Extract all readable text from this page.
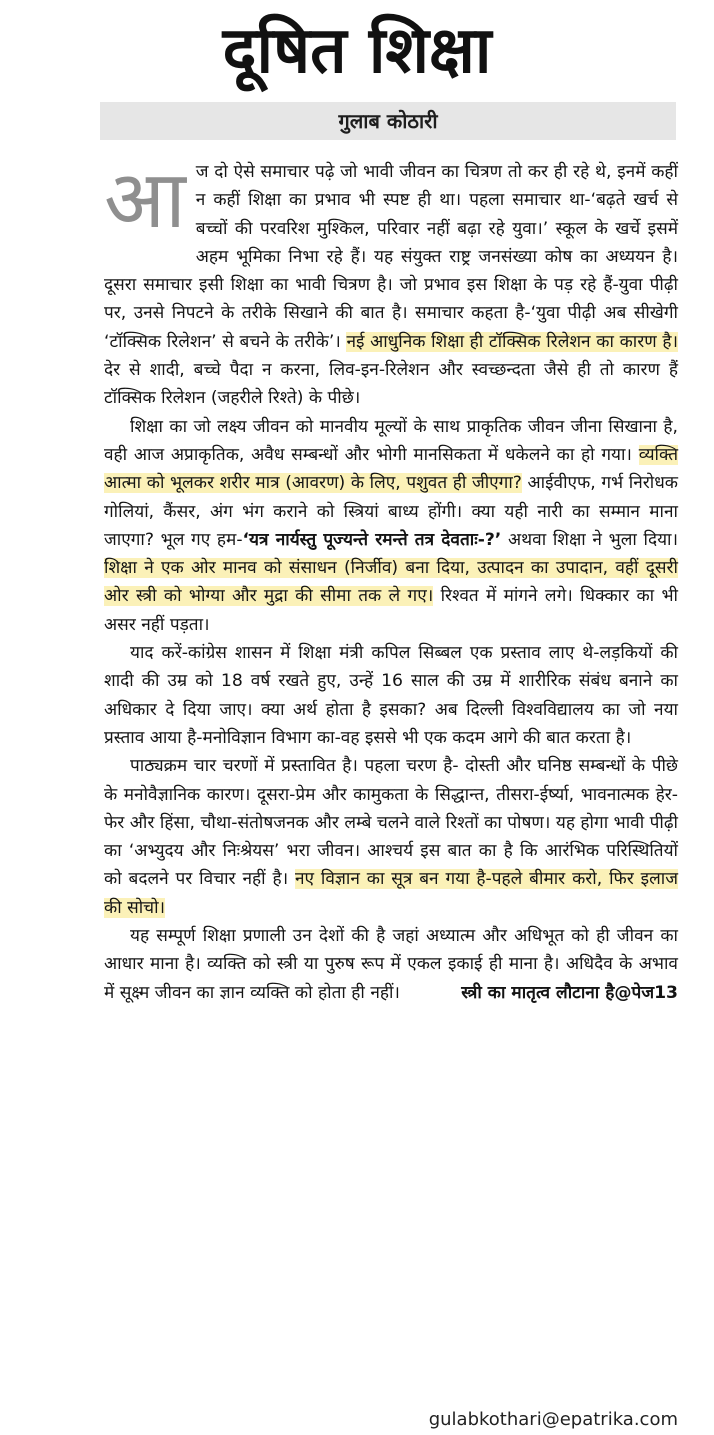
दूषित शिक्षा
गुलाब कोठारी

आज दो ऐसे समाचार पढ़े जो भावी जीवन का चित्रण तो कर ही रहे थे, इनमें कहीं न कहीं शिक्षा का प्रभाव भी स्पष्ट ही था। पहला समाचार था-‘बढ़ते खर्च से बच्चों की परवरिश मुश्किल, परिवार नहीं बढ़ा रहे युवा।’ स्कूल के खर्चे इसमें अहम भूमिका निभा रहे हैं। यह संयुक्त राष्ट्र जनसंख्या कोष का अध्ययन है। दूसरा समाचार इसी शिक्षा का भावी चित्रण है। जो प्रभाव इस शिक्षा के पड़ रहे हैं-युवा पीढ़ी पर, उनसे निपटने के तरीके सिखाने की बात है। समाचार कहता है-‘युवा पीढ़ी अब सीखेगी ‘टॉक्सिक रिलेशन’ से बचने के तरीके’। नई आधुनिक शिक्षा ही टॉक्सिक रिलेशन का कारण है। देर से शादी, बच्चे पैदा न करना, लिव-इन-रिलेशन और स्वच्छन्दता जैसे ही तो कारण हैं टॉक्सिक रिलेशन (जहरीले रिश्ते) के पीछे।

शिक्षा का जो लक्ष्य जीवन को मानवीय मूल्यों के साथ प्राकृतिक जीवन जीना सिखाना है, वही आज अप्राकृतिक, अवैध सम्बन्धों और भोगी मानसिकता में धकेलने का हो गया। व्यक्ति आत्मा को भूलकर शरीर मात्र (आवरण) के लिए, पशुवत ही जीएगा? आईवीएफ, गर्भ निरोधक गोलियां, कैंसर, अंग भंग कराने को स्त्रियां बाध्य होंगी। क्या यही नारी का सम्मान माना जाएगा? भूल गए हम-‘यत्र नार्यस्तु पूज्यन्ते रमन्ते तत्र देवताः-?’ अथवा शिक्षा ने भुला दिया। शिक्षा ने एक ओर मानव को संसाधन (निर्जीव) बना दिया, उत्पादन का उपादान, वहीं दूसरी ओर स्त्री को भोग्या और मुद्रा की सीमा तक ले गए। रिश्वत में मांगने लगे। धिक्कार का भी असर नहीं पड़ता।

याद करें-कांग्रेस शासन में शिक्षा मंत्री कपिल सिब्बल एक प्रस्ताव लाए थे-लड़कियों की शादी की उम्र को 18 वर्ष रखते हुए, उन्हें 16 साल की उम्र में शारीरिक संबंध बनाने का अधिकार दे दिया जाए। क्या अर्थ होता है इसका? अब दिल्ली विश्वविद्यालय का जो नया प्रस्ताव आया है-मनोविज्ञान विभाग का-वह इससे भी एक कदम आगे की बात करता है।

पाठ्यक्रम चार चरणों में प्रस्तावित है। पहला चरण है- दोस्ती और घनिष्ठ सम्बन्धों के पीछे के मनोवैज्ञानिक कारण। दूसरा-प्रेम और कामुकता के सिद्धान्त, तीसरा-ईर्ष्या, भावनात्मक हेर-फेर और हिंसा, चौथा-संतोषजनक और लम्बे चलने वाले रिश्तों का पोषण। यह होगा भावी पीढ़ी का ‘अभ्युदय और निःश्रेयस’ भरा जीवन। आश्चर्य इस बात का है कि आरंभिक परिस्थितियों को बदलने पर विचार नहीं है। नए विज्ञान का सूत्र बन गया है-पहले बीमार करो, फिर इलाज की सोचो।

यह सम्पूर्ण शिक्षा प्रणाली उन देशों की है जहां अध्यात्म और अधिभूत को ही जीवन का आधार माना है। व्यक्ति को स्त्री या पुरुष रूप में एकल इकाई ही माना है। अधिदैव के अभाव में सूक्ष्म जीवन का ज्ञान व्यक्ति को होता ही नहीं।	स्त्री का मातृत्व लौटाना है@पेज13

gulabkothari@epatrika.com
